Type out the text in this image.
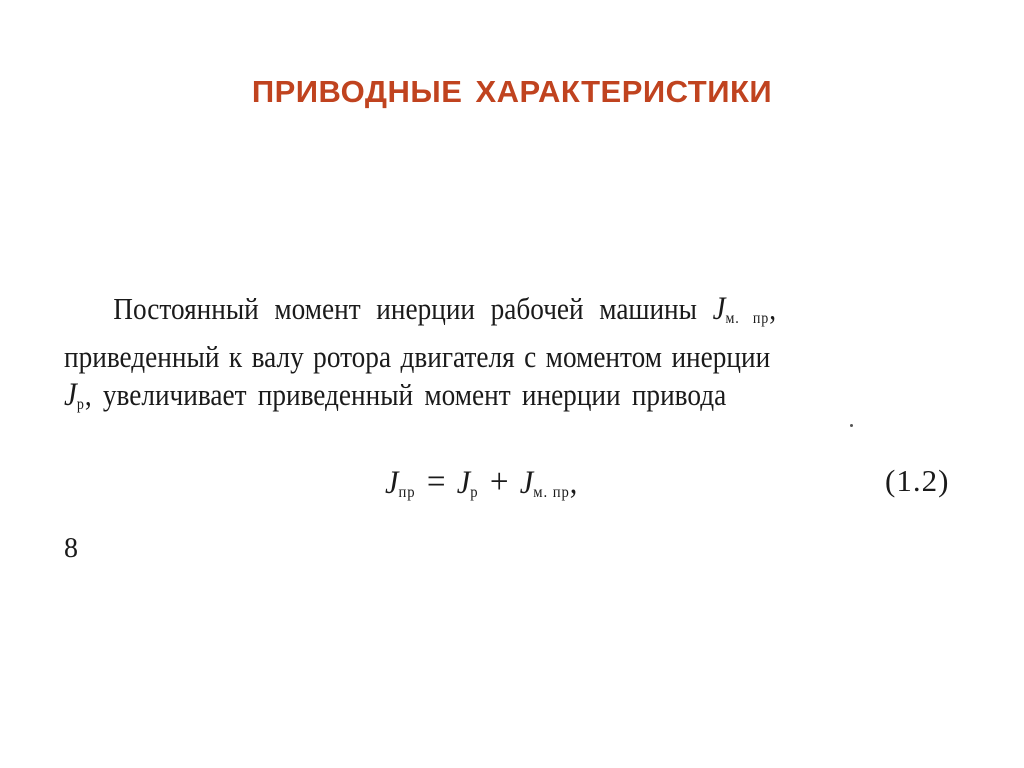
ПРИВОДНЫЕ ХАРАКТЕРИСТИКИ
Постоянный момент инерции рабочей машины $J_{м. пр}$,
приведенный к валу ротора двигателя с моментом инерции
$J_р$, увеличивает приведенный момент инерции привода
$J_{пр} = J_р + J_{м. пр}$,	(1.2)
8
